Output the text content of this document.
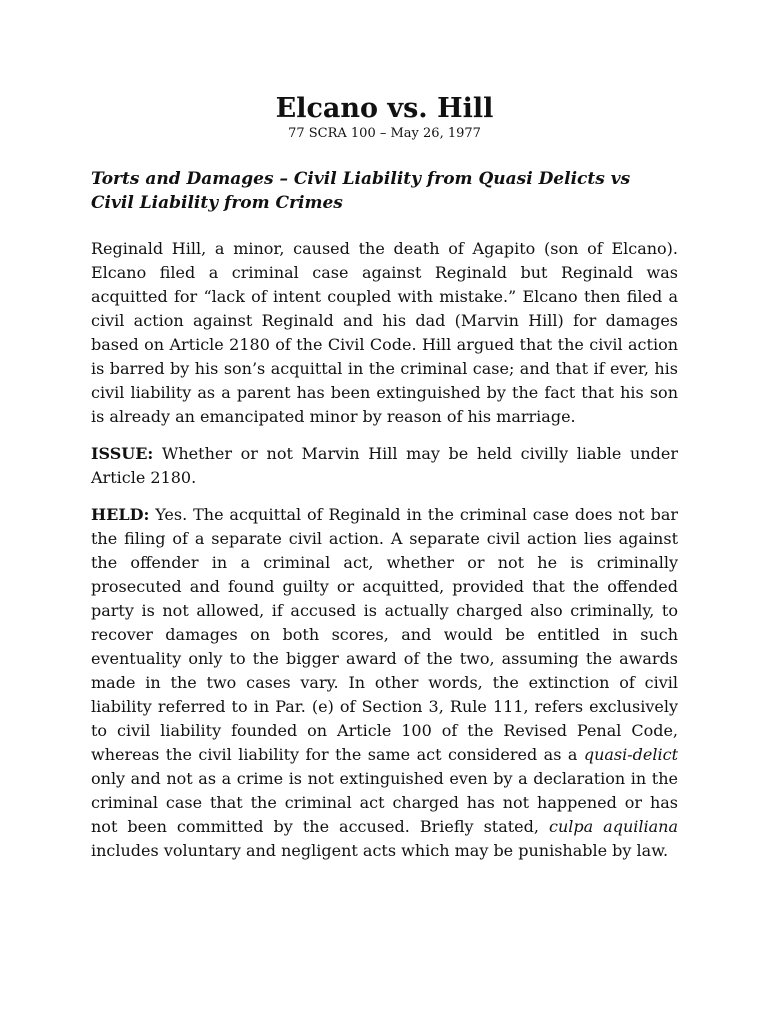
Elcano vs. Hill

77 SCRA 100 – May 26, 1977

Torts and Damages – Civil Liability from Quasi Delicts vs Civil Liability from Crimes

Reginald Hill, a minor, caused the death of Agapito (son of Elcano). Elcano filed a criminal case against Reginald but Reginald was acquitted for “lack of intent coupled with mistake.” Elcano then filed a civil action against Reginald and his dad (Marvin Hill) for damages based on Article 2180 of the Civil Code. Hill argued that the civil action is barred by his son’s acquittal in the criminal case; and that if ever, his civil liability as a parent has been extinguished by the fact that his son is already an emancipated minor by reason of his marriage.

ISSUE: Whether or not Marvin Hill may be held civilly liable under Article 2180.

HELD: Yes. The acquittal of Reginald in the criminal case does not bar the filing of a separate civil action. A separate civil action lies against the offender in a criminal act, whether or not he is criminally prosecuted and found guilty or acquitted, provided that the offended party is not allowed, if accused is actually charged also criminally, to recover damages on both scores, and would be entitled in such eventuality only to the bigger award of the two, assuming the awards made in the two cases vary. In other words, the extinction of civil liability referred to in Par. (e) of Section 3, Rule 111, refers exclusively to civil liability founded on Article 100 of the Revised Penal Code, whereas the civil liability for the same act considered as a quasi-delict only and not as a crime is not extinguished even by a declaration in the criminal case that the criminal act charged has not happened or has not been committed by the accused. Briefly stated, culpa aquiliana includes voluntary and negligent acts which may be punishable by law.
